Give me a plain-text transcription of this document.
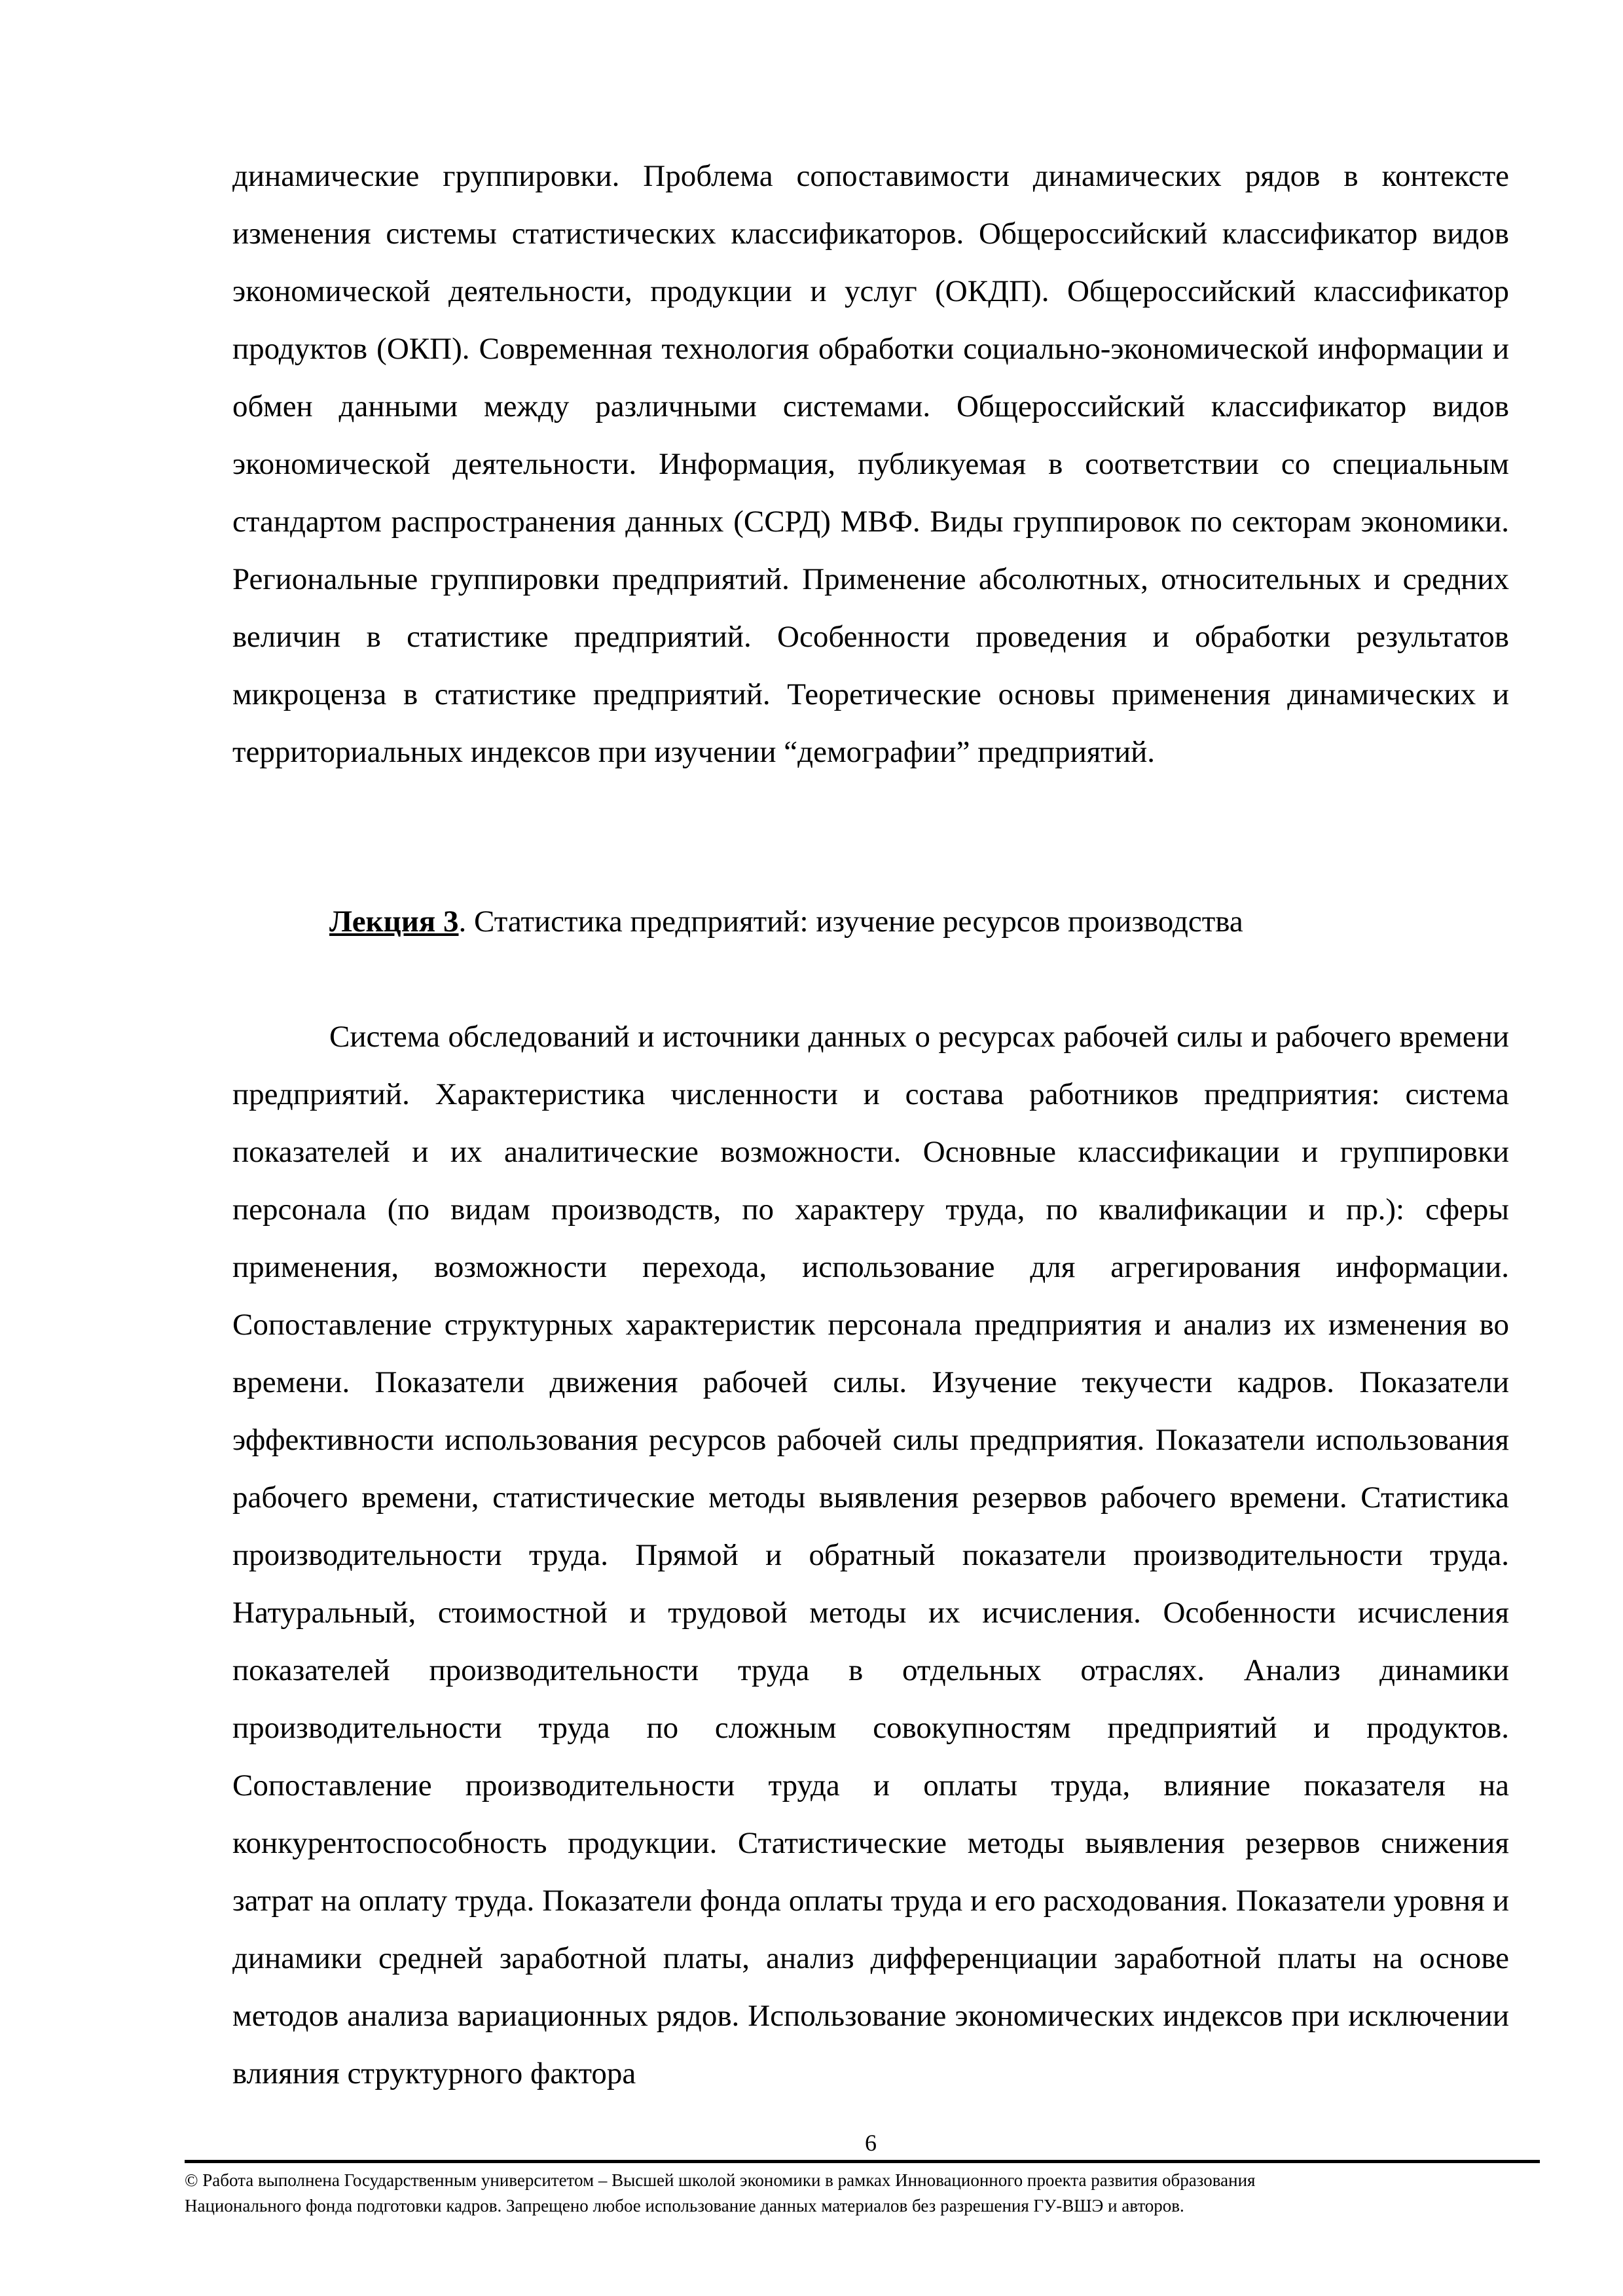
динамические группировки. Проблема сопоставимости динамических рядов в контексте изменения системы статистических классификаторов. Общероссийский классификатор видов экономической деятельности, продукции и услуг (ОКДП). Общероссийский классификатор продуктов (ОКП). Современная технология обработки социально-экономической информации и обмен данными между различными системами. Общероссийский классификатор видов экономической деятельности. Информация, публикуемая в соответствии со специальным стандартом распространения данных (ССРД) МВФ. Виды группировок по секторам экономики. Региональные группировки предприятий. Применение абсолютных, относительных и средних величин в статистике предприятий. Особенности проведения и обработки результатов микроценза в статистике предприятий. Теоретические основы применения динамических и территориальных индексов при изучении “демографии” предприятий.

Лекция 3. Статистика предприятий: изучение ресурсов производства

Система обследований и источники данных о ресурсах рабочей силы и рабочего времени предприятий. Характеристика численности и состава работников предприятия: система показателей и их аналитические возможности. Основные классификации и группировки персонала (по видам производств, по характеру труда, по квалификации и пр.): сферы применения, возможности перехода, использование для агрегирования информации. Сопоставление структурных характеристик персонала предприятия и анализ их изменения во времени. Показатели движения рабочей силы. Изучение текучести кадров. Показатели эффективности использования ресурсов рабочей силы предприятия. Показатели использования рабочего времени, статистические методы выявления резервов рабочего времени. Статистика производительности труда. Прямой и обратный показатели производительности труда. Натуральный, стоимостной и трудовой методы их исчисления. Особенности исчисления показателей производительности труда в отдельных отраслях. Анализ динамики производительности труда по сложным совокупностям предприятий и продуктов. Сопоставление производительности труда и оплаты труда, влияние показателя на конкурентоспособность продукции. Статистические методы выявления резервов снижения затрат на оплату труда. Показатели фонда оплаты труда и его расходования. Показатели уровня и динамики средней заработной платы, анализ дифференциации заработной платы на основе методов анализа вариационных рядов. Использование экономических индексов при исключении влияния структурного фактора

6
© Работа выполнена Государственным университетом – Высшей школой экономики в рамках Инновационного проекта развития образования
Национального фонда подготовки кадров. Запрещено любое использование данных материалов без разрешения ГУ-ВШЭ и авторов.
